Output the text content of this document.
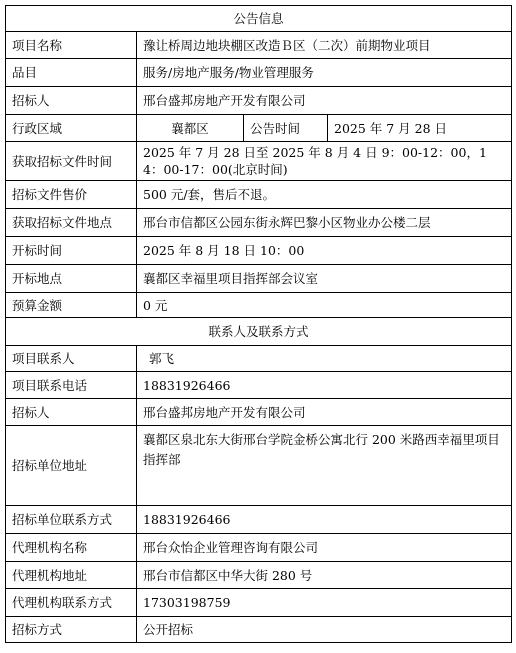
公告信息			
项目名称	豫让桥周边地块棚区改造Ｂ区（二次）前期物业项目		
品目	服务/房地产服务/物业管理服务		
招标人	邢台盛邦房地产开发有限公司		
行政区域	襄都区	公告时间	2025 年 7 月 28 日
获取招标文件时间	2025 年 7 月 28 日至 2025 年 8 月 4 日 9：00-12：00，14：00-17：00(北京时间)		
招标文件售价	500 元/套，售后不退。		
获取招标文件地点	邢台市信都区公园东街永辉巴黎小区物业办公楼二层		
开标时间	2025 年 8 月 18 日 10：00		
开标地点	襄都区幸福里项目指挥部会议室		
预算金额	0 元		
联系人及联系方式			
项目联系人	郭飞		
项目联系电话	18831926466		
招标人	邢台盛邦房地产开发有限公司		
招标单位地址	襄都区泉北东大街邢台学院金桥公寓北行 200 米路西幸福里项目指挥部		
招标单位联系方式	18831926466		
代理机构名称	邢台众怡企业管理咨询有限公司		
代理机构地址	邢台市信都区中华大街 280 号		
代理机构联系方式	17303198759		
招标方式	公开招标		
